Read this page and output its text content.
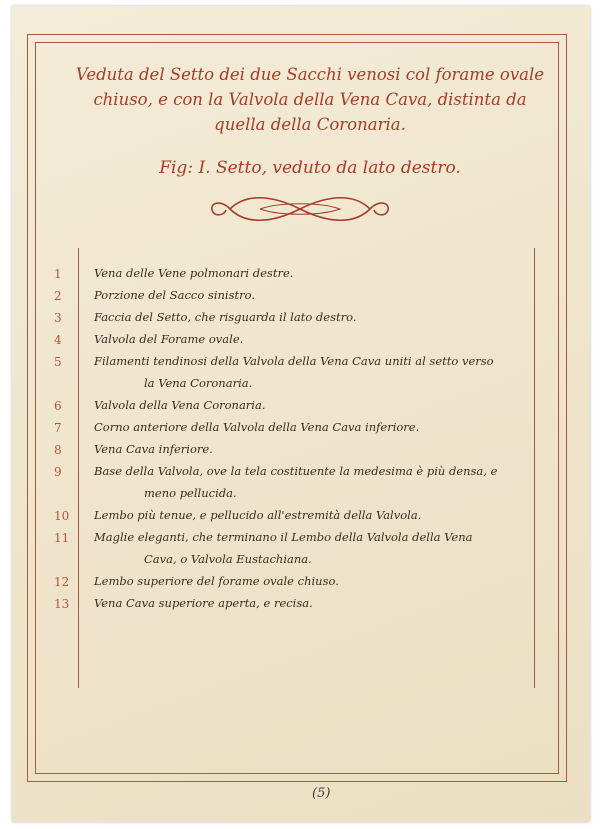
Veduta del Setto dei due Sacchi venosi col forame ovale
chiuso, e con la Valvola della Vena Cava, distinta da
quella della Coronaria.

Fig: I. Setto, veduto da lato destro.

1	Vena delle Vene polmonari destre.
2	Porzione del Sacco sinistro.
3	Faccia del Setto, che risguarda il lato destro.
4	Valvola del Forame ovale.
5	Filamenti tendinosi della Valvola della Vena Cava uniti al setto verso
la Vena Coronaria.
6	Valvola della Vena Coronaria.
7	Corno anteriore della Valvola della Vena Cava inferiore.
8	Vena Cava inferiore.
9	Base della Valvola, ove la tela costituente la medesima è più densa, e
meno pellucida.
10	Lembo più tenue, e pellucido all'estremità della Valvola.
11	Maglie eleganti, che terminano il Lembo della Valvola della Vena
Cava, o Valvola Eustachiana.
12	Lembo superiore del forame ovale chiuso.
13	Vena Cava superiore aperta, e recisa.
(5)
